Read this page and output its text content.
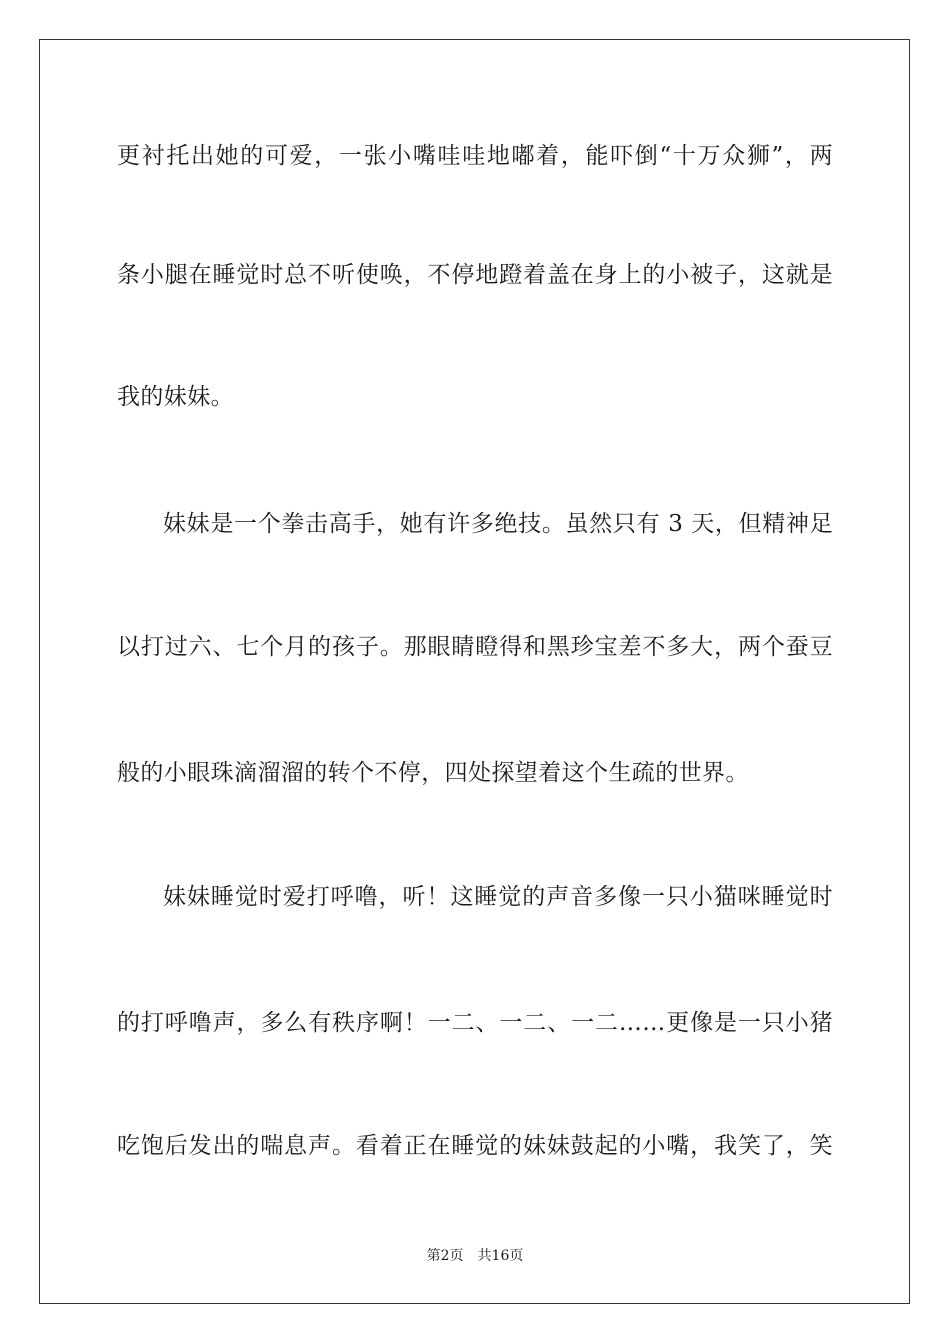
更衬托出她的可爱，一张小嘴哇哇地嘟着，能吓倒“十万众狮”，两
条小腿在睡觉时总不听使唤，不停地蹬着盖在身上的小被子，这就是
我的妹妹。
妹妹是一个拳击高手，她有许多绝技。虽然只有 3 天，但精神足
以打过六、七个月的孩子。那眼睛瞪得和黑珍宝差不多大，两个蚕豆
般的小眼珠滴溜溜的转个不停，四处探望着这个生疏的世界。
妹妹睡觉时爱打呼噜，听！这睡觉的声音多像一只小猫咪睡觉时
的打呼噜声，多么有秩序啊！一二、一二、一二……更像是一只小猪
吃饱后发出的喘息声。看着正在睡觉的妹妹鼓起的小嘴，我笑了，笑
第2页 共16页
